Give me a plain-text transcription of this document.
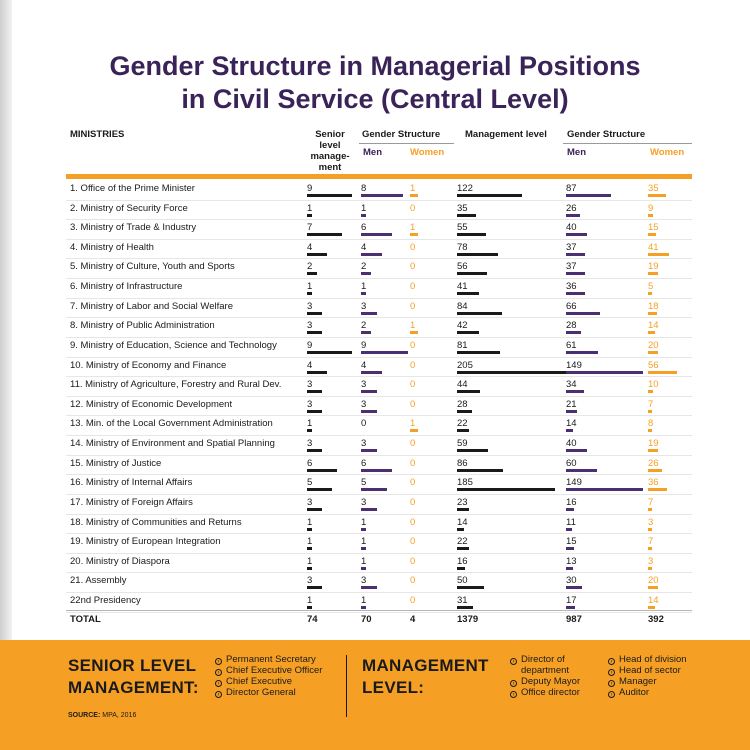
Gender Structure in Managerial Positions
in Civil Service (Central Level)
MINISTRIES	Senior
level
manage-
ment
Gender Structure
Men	Women
Management level Gender Structure
Men	Women
1. Office of the Prime Minister	9	8	1	122	87	35
2. Ministry of Security Force	1	1	0	35	26	9
3. Ministry of Trade & Industry	7	6	1	55	40	15
4. Ministry of Health	4	4	0	78	37	41
5. Ministry of Culture, Youth and Sports	2	2	0	56	37	19
6. Ministry of Infrastructure	1	1	0	41	36	5
7. Ministry of Labor and Social Welfare	3	3	0	84	66	18
8. Ministry of Public Administration	3	2	1	42	28	14
9. Ministry of Education, Science and Technology	9	9	0	81	61	20
10. Ministry of Economy and Finance	4	4	0	205	149	56
11. Ministry of Agriculture, Forestry and Rural Dev.	3	3	0	44	34	10
12. Ministry of Economic Development	3	3	0	28	21	7
13. Min. of the Local Government Administration	1	0	1	22	14	8
14. Ministry of Environment and Spatial Planning	3	3	0	59	40	19
15. Ministry of Justice	6	6	0	86	60	26
16. Ministry of Internal Affairs	5	5	0	185	149	36
17. Ministry of Foreign Affairs	3	3	0	23	16	7
18. Ministry of Communities and Returns	1	1	0	14	11	3
19. Ministry of European Integration	1	1	0	22	15	7
20. Ministry of Diaspora	1	1	0	16	13	3
21. Assembly	3	3	0	50	30	20
22nd Presidency	1	1	0	31	17	14
TOTAL	74	70	4	1379	987	392
SENIOR LEVEL
MANAGEMENT:
› Permanent Secretary
› Chief Executive Officer
› Chief Executive
› Director General
MANAGEMENT
LEVEL:
› Director of
department
› Deputy Mayor
› Office director
› Head of division
› Head of sector
› Manager
› Auditor
SOURCE: MPA, 2016
